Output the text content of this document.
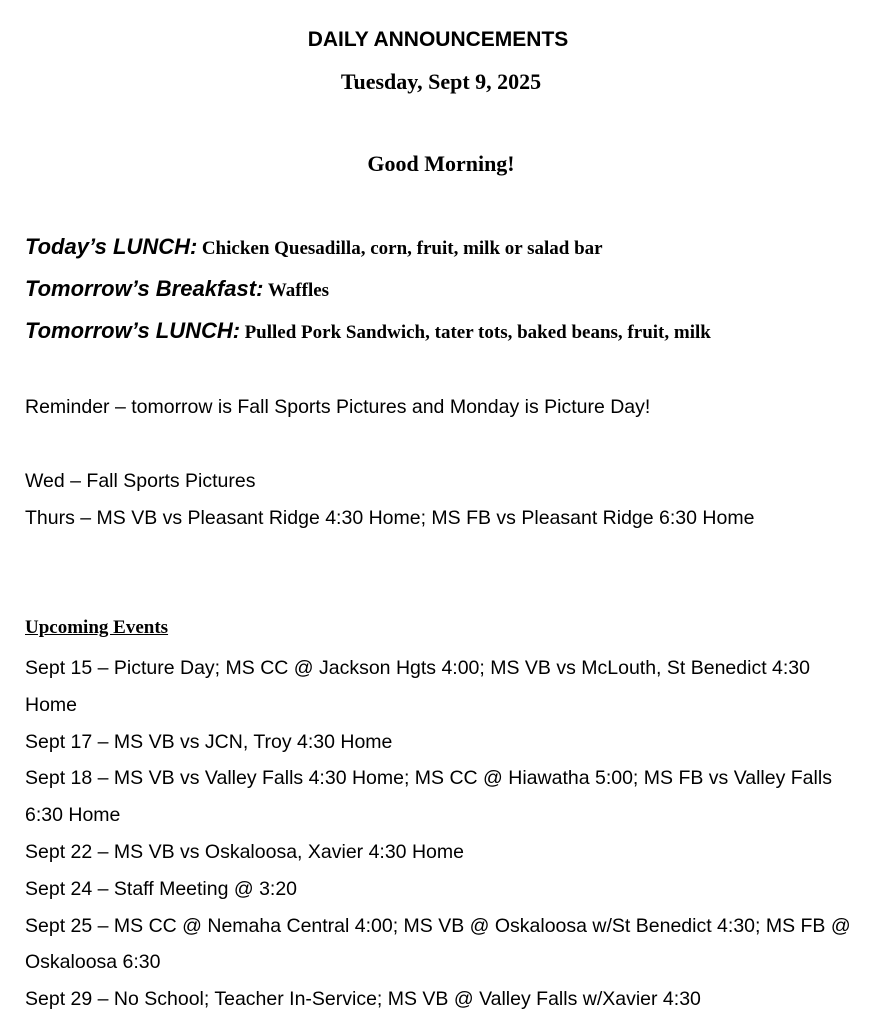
DAILY ANNOUNCEMENTS
Tuesday, Sept 9, 2025
Good Morning!
Today’s LUNCH: Chicken Quesadilla, corn, fruit, milk or salad bar
Tomorrow’s Breakfast: Waffles
Tomorrow’s LUNCH: Pulled Pork Sandwich, tater tots, baked beans, fruit, milk
Reminder – tomorrow is Fall Sports Pictures and Monday is Picture Day!
Wed – Fall Sports Pictures
Thurs – MS VB vs Pleasant Ridge 4:30 Home; MS FB vs Pleasant Ridge 6:30 Home
Upcoming Events
Sept 15 – Picture Day; MS CC @ Jackson Hgts 4:00; MS VB vs McLouth, St Benedict 4:30 Home
Sept 17 – MS VB vs JCN, Troy 4:30 Home
Sept 18 – MS VB vs Valley Falls 4:30 Home; MS CC @ Hiawatha 5:00; MS FB vs Valley Falls 6:30 Home
Sept 22 – MS VB vs Oskaloosa, Xavier 4:30 Home
Sept 24 – Staff Meeting @ 3:20
Sept 25 – MS CC @ Nemaha Central 4:00; MS VB @ Oskaloosa w/St Benedict 4:30; MS FB @ Oskaloosa 6:30
Sept 29 – No School; Teacher In-Service; MS VB @ Valley Falls w/Xavier 4:30
